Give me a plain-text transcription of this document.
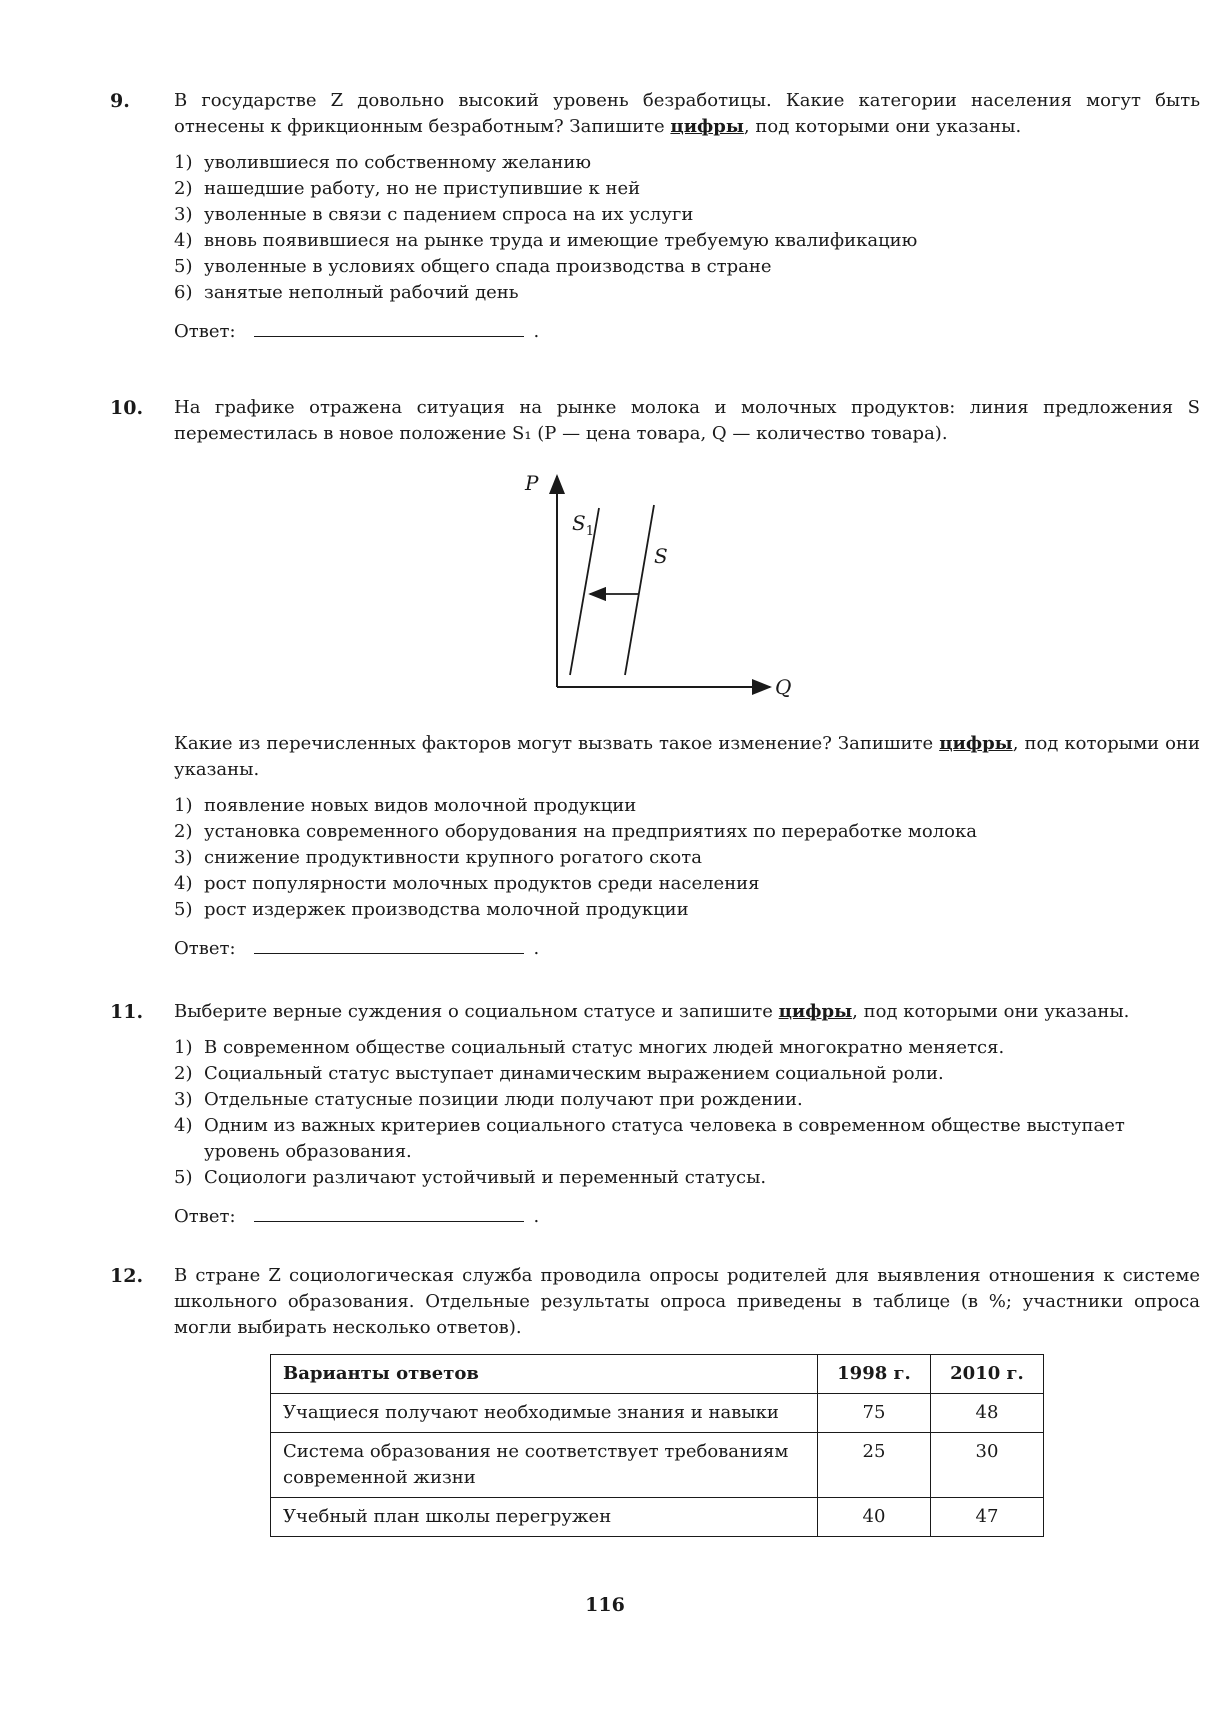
9. В государстве Z довольно высокий уровень безработицы. Какие категории населения могут быть отнесены к фрикционным безработным? Запишите цифры, под которыми они указаны.
1) уволившиеся по собственному желанию
2) нашедшие работу, но не приступившие к ней
3) уволенные в связи с падением спроса на их услуги
4) вновь появившиеся на рынке труда и имеющие требуемую квалификацию
5) уволенные в условиях общего спада производства в стране
6) занятые неполный рабочий день
Ответ:	.
10. На графике отражена ситуация на рынке молока и молочных продуктов: линия предложения S переместилась в новое положение S₁ (P — цена товара, Q — количество товара).
P
Q
$S_1$
S
Какие из перечисленных факторов могут вызвать такое изменение? Запишите цифры, под которыми они указаны.
1) появление новых видов молочной продукции
2) установка современного оборудования на предприятиях по переработке молока
3) снижение продуктивности крупного рогатого скота
4) рост популярности молочных продуктов среди населения
5) рост издержек производства молочной продукции
Ответ:	.
11. Выберите верные суждения о социальном статусе и запишите цифры, под которыми они указаны.
1) В современном обществе социальный статус многих людей многократно меняется.
2) Социальный статус выступает динамическим выражением социальной роли.
3) Отдельные статусные позиции люди получают при рождении.
4) Одним из важных критериев социального статуса человека в современном обществе выступает уровень образования.
5) Социологи различают устойчивый и переменный статусы.
Ответ:	.
12. В стране Z социологическая служба проводила опросы родителей для выявления отношения к системе школьного образования. Отдельные результаты опроса приведены в таблице (в %; участники опроса могли выбирать несколько ответов).
Варианты ответов	1998 г.	2010 г.
Учащиеся получают необходимые знания и навыки	75	48
Система образования не соответствует требованиям современной жизни	25	30
Учебный план школы перегружен	40	47
116
